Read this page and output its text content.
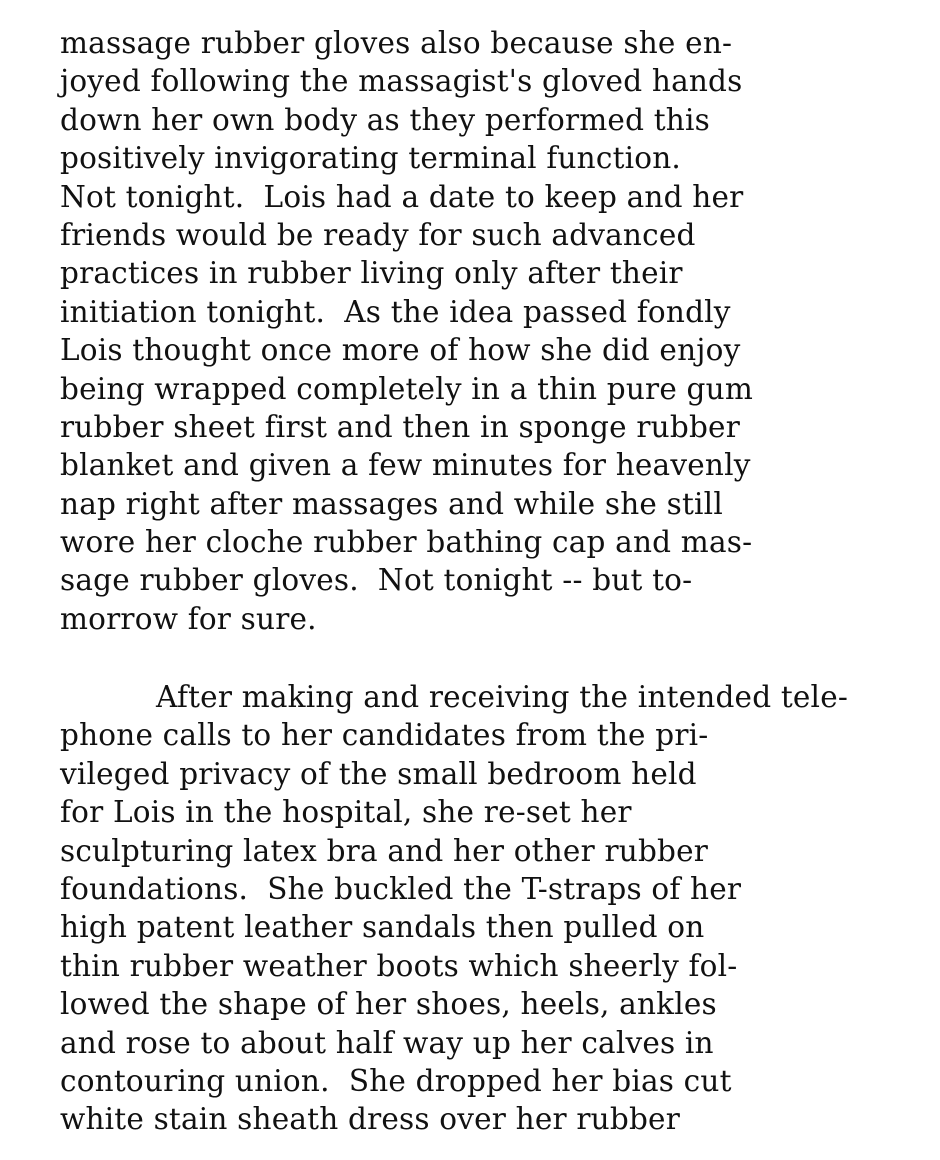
massage rubber gloves also because she en-
joyed following the massagist's gloved hands
down her own body as they performed this
positively invigorating terminal function.
Not tonight.  Lois had a date to keep and her
friends would be ready for such advanced
practices in rubber living only after their
initiation tonight.  As the idea passed fondly
Lois thought once more of how she did enjoy
being wrapped completely in a thin pure gum
rubber sheet first and then in sponge rubber
blanket and given a few minutes for heavenly
nap right after massages and while she still
wore her cloche rubber bathing cap and mas-
sage rubber gloves.  Not tonight -- but to-
morrow for sure.
After making and receiving the intended tele-
phone calls to her candidates from the pri-
vileged privacy of the small bedroom held
for Lois in the hospital, she re-set her
sculpturing latex bra and her other rubber
foundations.  She buckled the T-straps of her
high patent leather sandals then pulled on
thin rubber weather boots which sheerly fol-
lowed the shape of her shoes, heels, ankles
and rose to about half way up her calves in
contouring union.  She dropped her bias cut
white stain sheath dress over her rubber
